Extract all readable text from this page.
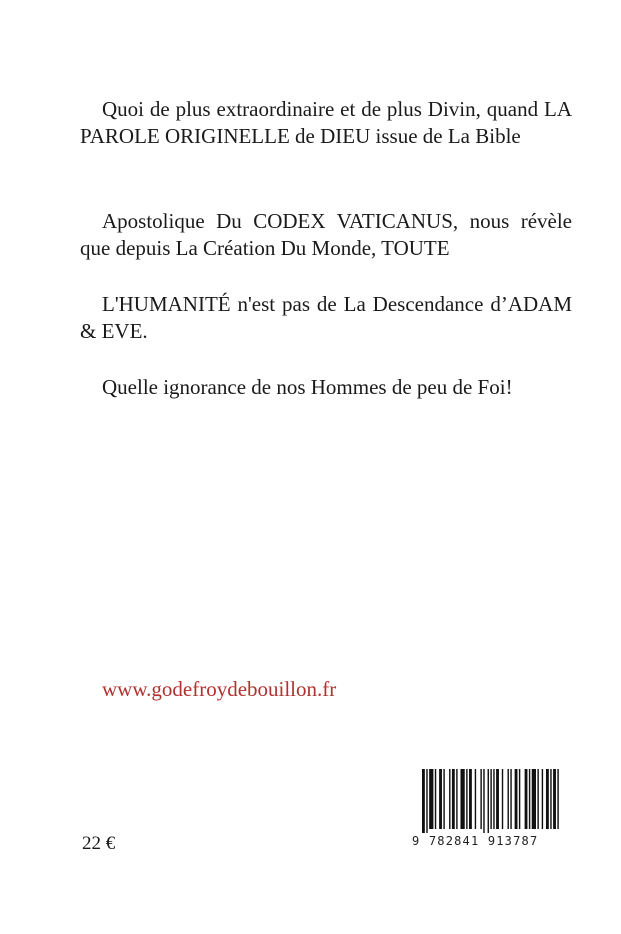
Quoi de plus extraordinaire et de plus Divin, quand LA PAROLE ORIGINELLE de DIEU issue de La Bible

Apostolique Du CODEX VATICANUS, nous révèle que depuis La Création Du Monde, TOUTE

L'HUMANITÉ n'est pas de La Descendance d’ADAM & EVE.

Quelle ignorance de nos Hommes de peu de Foi!

www.godefroydebouillon.fr

22 €	9 782841 913787
